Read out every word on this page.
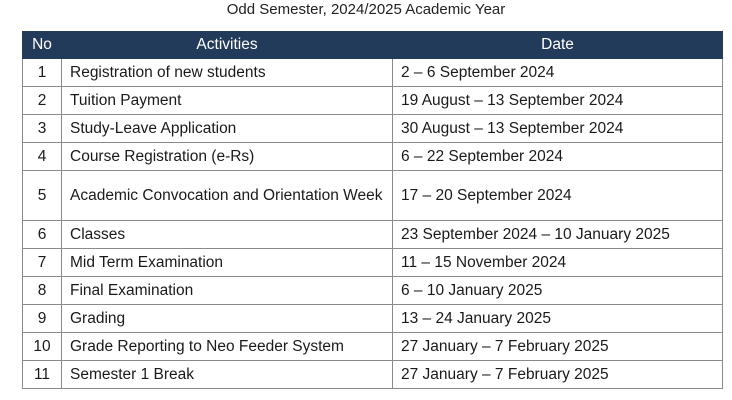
Odd Semester, 2024/2025 Academic Year
No	Activities	Date
1	Registration of new students	2 – 6 September 2024
2	Tuition Payment	19 August – 13 September 2024
3	Study-Leave Application	30 August – 13 September 2024
4	Course Registration (e-Rs)	6 – 22 September 2024
5	Academic Convocation and Orientation Week	17 – 20 September 2024
6	Classes	23 September 2024 – 10 January 2025
7	Mid Term Examination	11 – 15 November 2024
8	Final Examination	6 – 10 January 2025
9	Grading	13 – 24 January 2025
10	Grade Reporting to Neo Feeder System	27 January – 7 February 2025
11	Semester 1 Break	27 January – 7 February 2025
